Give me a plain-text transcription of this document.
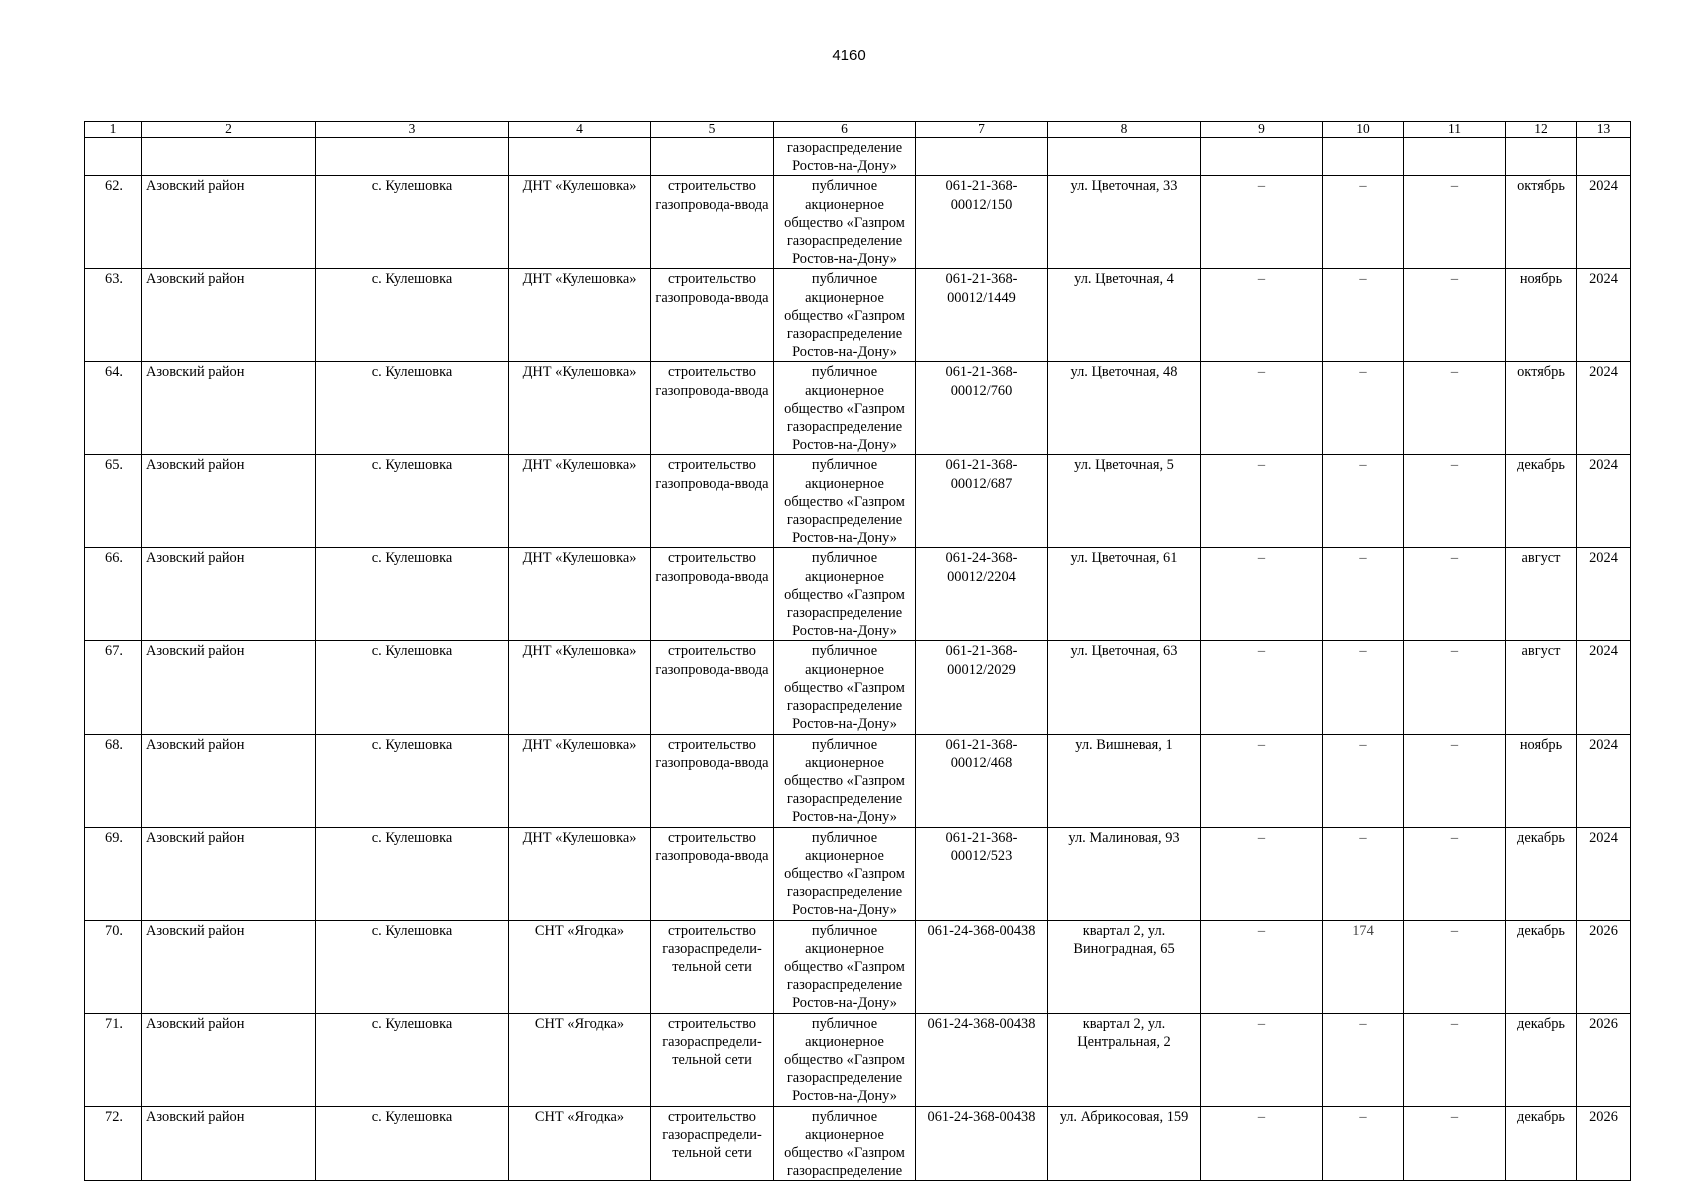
4160
1	2	3	4	5	6	7	8	9	10	11	12	13
					газораспределение Ростов-на-Дону»							
62.	Азовский район	с. Кулешовка	ДНТ «Кулешовка»	строительство газопровода-ввода	публичное акционерное общество «Газпром газораспределение Ростов-на-Дону»	061-21-368-00012/150	ул. Цветочная, 33	–	–	–	октябрь	2024
63.	Азовский район	с. Кулешовка	ДНТ «Кулешовка»	строительство газопровода-ввода	публичное акционерное общество «Газпром газораспределение Ростов-на-Дону»	061-21-368-00012/1449	ул. Цветочная, 4	–	–	–	ноябрь	2024
64.	Азовский район	с. Кулешовка	ДНТ «Кулешовка»	строительство газопровода-ввода	публичное акционерное общество «Газпром газораспределение Ростов-на-Дону»	061-21-368-00012/760	ул. Цветочная, 48	–	–	–	октябрь	2024
65.	Азовский район	с. Кулешовка	ДНТ «Кулешовка»	строительство газопровода-ввода	публичное акционерное общество «Газпром газораспределение Ростов-на-Дону»	061-21-368-00012/687	ул. Цветочная, 5	–	–	–	декабрь	2024
66.	Азовский район	с. Кулешовка	ДНТ «Кулешовка»	строительство газопровода-ввода	публичное акционерное общество «Газпром газораспределение Ростов-на-Дону»	061-24-368-00012/2204	ул. Цветочная, 61	–	–	–	август	2024
67.	Азовский район	с. Кулешовка	ДНТ «Кулешовка»	строительство газопровода-ввода	публичное акционерное общество «Газпром газораспределение Ростов-на-Дону»	061-21-368-00012/2029	ул. Цветочная, 63	–	–	–	август	2024
68.	Азовский район	с. Кулешовка	ДНТ «Кулешовка»	строительство газопровода-ввода	публичное акционерное общество «Газпром газораспределение Ростов-на-Дону»	061-21-368-00012/468	ул. Вишневая, 1	–	–	–	ноябрь	2024
69.	Азовский район	с. Кулешовка	ДНТ «Кулешовка»	строительство газопровода-ввода	публичное акционерное общество «Газпром газораспределение Ростов-на-Дону»	061-21-368-00012/523	ул. Малиновая, 93	–	–	–	декабрь	2024
70.	Азовский район	с. Кулешовка	СНТ «Ягодка»	строительство газораспредели-тельной сети	публичное акционерное общество «Газпром газораспределение Ростов-на-Дону»	061-24-368-00438	квартал 2, ул. Виноградная, 65	–	174	–	декабрь	2026
71.	Азовский район	с. Кулешовка	СНТ «Ягодка»	строительство газораспредели-тельной сети	публичное акционерное общество «Газпром газораспределение Ростов-на-Дону»	061-24-368-00438	квартал 2, ул. Центральная, 2	–	–	–	декабрь	2026
72.	Азовский район	с. Кулешовка	СНТ «Ягодка»	строительство газораспредели-тельной сети	публичное акционерное общество «Газпром газораспределение	061-24-368-00438	ул. Абрикосовая, 159	–	–	–	декабрь	2026
